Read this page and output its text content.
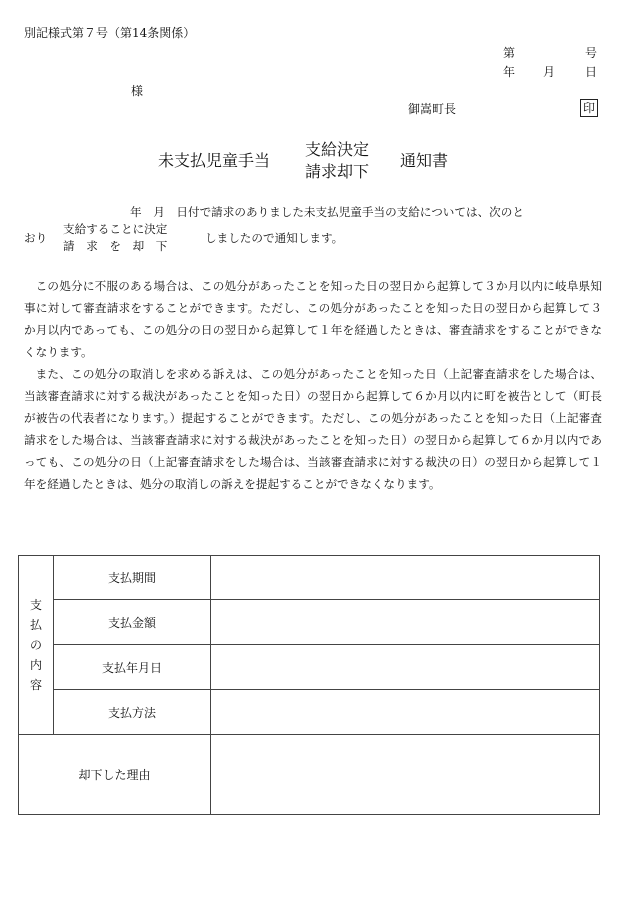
別記様式第７号（第14条関係）
第	号
年 月 日
様
御嵩町長	印
未支払児童手当
支給決定
請求却下
通知書
年　月　日付で請求のありました未支払児童手当の支給については、次のと
おり
支給することに決定
請　求　を　却　下
しましたので通知します。
この処分に不服のある場合は、この処分があったことを知った日の翌日から起算して３か月以内に岐阜県知事に対して審査請求をすることができます。ただし、この処分があったことを知った日の翌日から起算して３か月以内であっても、この処分の日の翌日から起算して１年を経過したときは、審査請求をすることができなくなります。
また、この処分の取消しを求める訴えは、この処分があったことを知った日（上記審査請求をした場合は、当該審査請求に対する裁決があったことを知った日）の翌日から起算して６か月以内に町を被告として（町長が被告の代表者になります。）提起することができます。ただし、この処分があったことを知った日（上記審査請求をした場合は、当該審査請求に対する裁決があったことを知った日）の翌日から起算して６か月以内であっても、この処分の日（上記審査請求をした場合は、当該審査請求に対する裁決の日）の翌日から起算して１年を経過したときは、処分の取消しの訴えを提起することができなくなります。
支
払
の
内
容	支払期間	
	支払金額	
	支払年月日	
	支払方法	
却下した理由		
